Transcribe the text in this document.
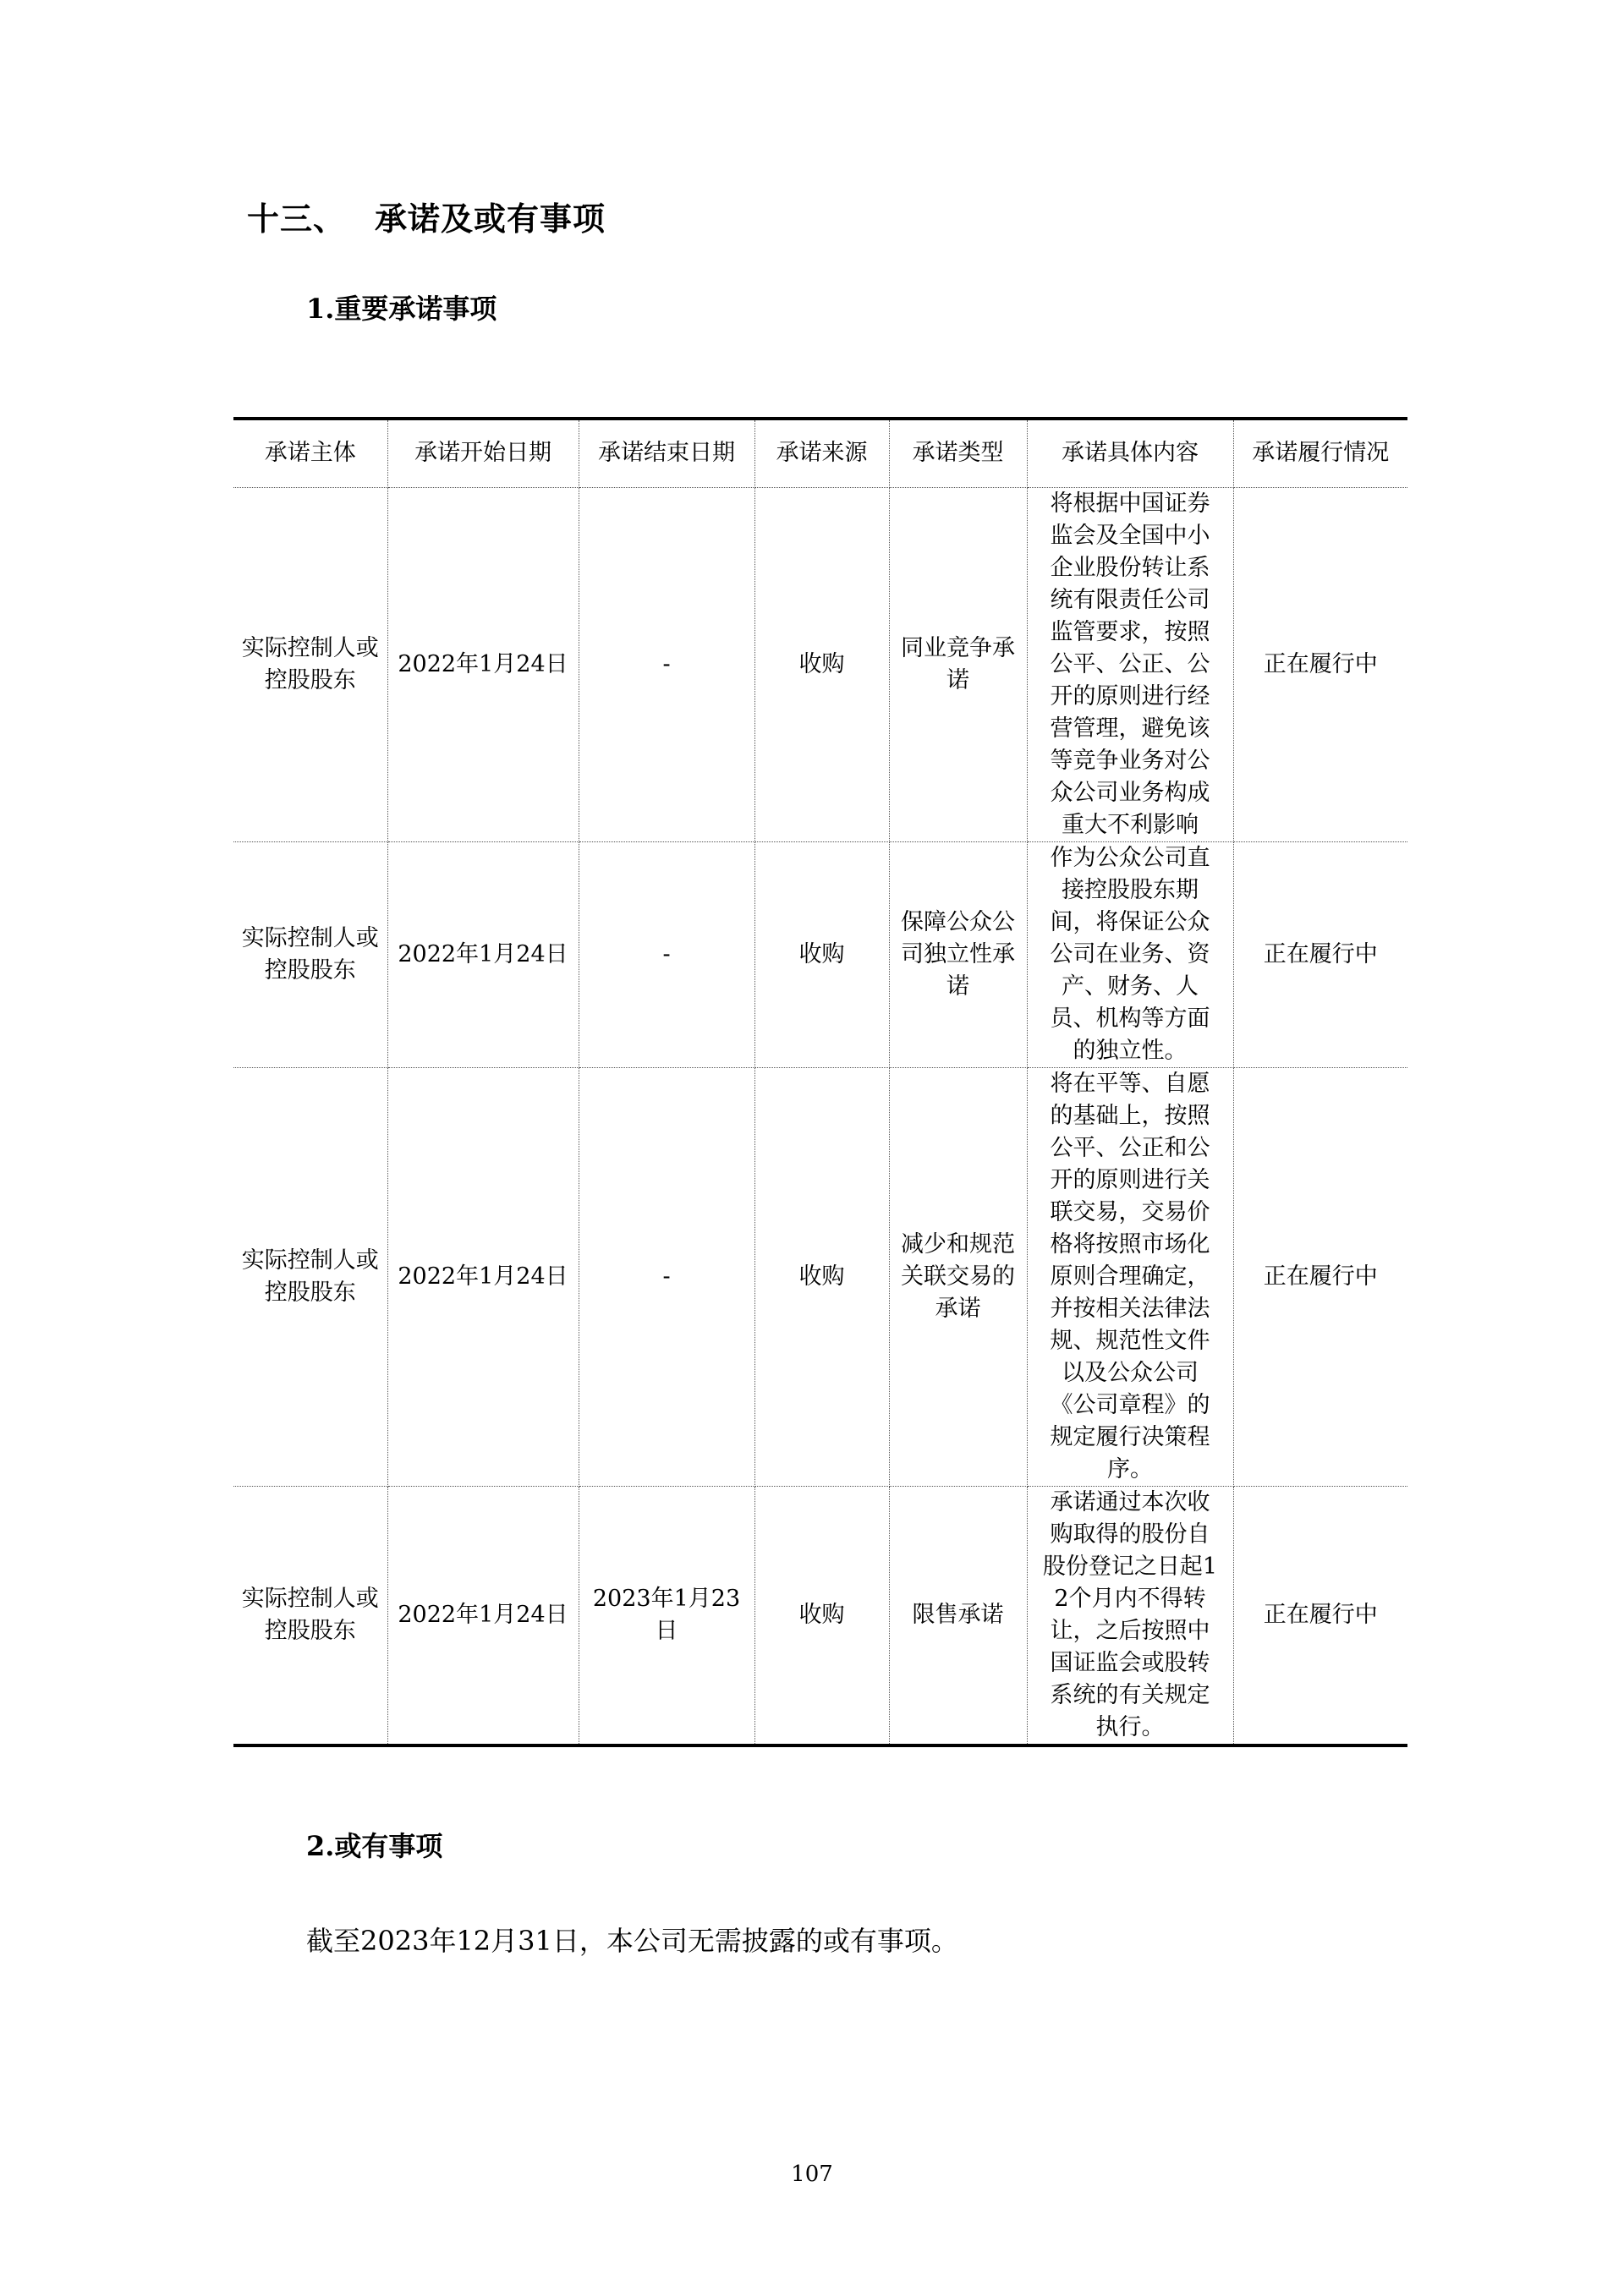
十三、 承诺及或有事项
1.重要承诺事项
承诺主体	承诺开始日期	承诺结束日期	承诺来源	承诺类型	承诺具体内容	承诺履行情况
实际控制人或控股股东	2022年1月24日	-	收购	同业竞争承诺	将根据中国证券监会及全国中小企业股份转让系统有限责任公司监管要求，按照公平、公正、公开的原则进行经营管理，避免该等竞争业务对公众公司业务构成重大不利影响	正在履行中
实际控制人或控股股东	2022年1月24日	-	收购	保障公众公司独立性承诺	作为公众公司直接控股股东期间，将保证公众公司在业务、资产、财务、人员、机构等方面的独立性。	正在履行中
实际控制人或控股股东	2022年1月24日	-	收购	减少和规范关联交易的承诺	将在平等、自愿的基础上，按照公平、公正和公开的原则进行关联交易，交易价格将按照市场化原则合理确定，并按相关法律法规、规范性文件以及公众公司《公司章程》的规定履行决策程序。	正在履行中
实际控制人或控股股东	2022年1月24日	2023年1月23日	收购	限售承诺	承诺通过本次收购取得的股份自股份登记之日起12个月内不得转让，之后按照中国证监会或股转系统的有关规定执行。	正在履行中
2.或有事项
截至2023年12月31日，本公司无需披露的或有事项。
107
